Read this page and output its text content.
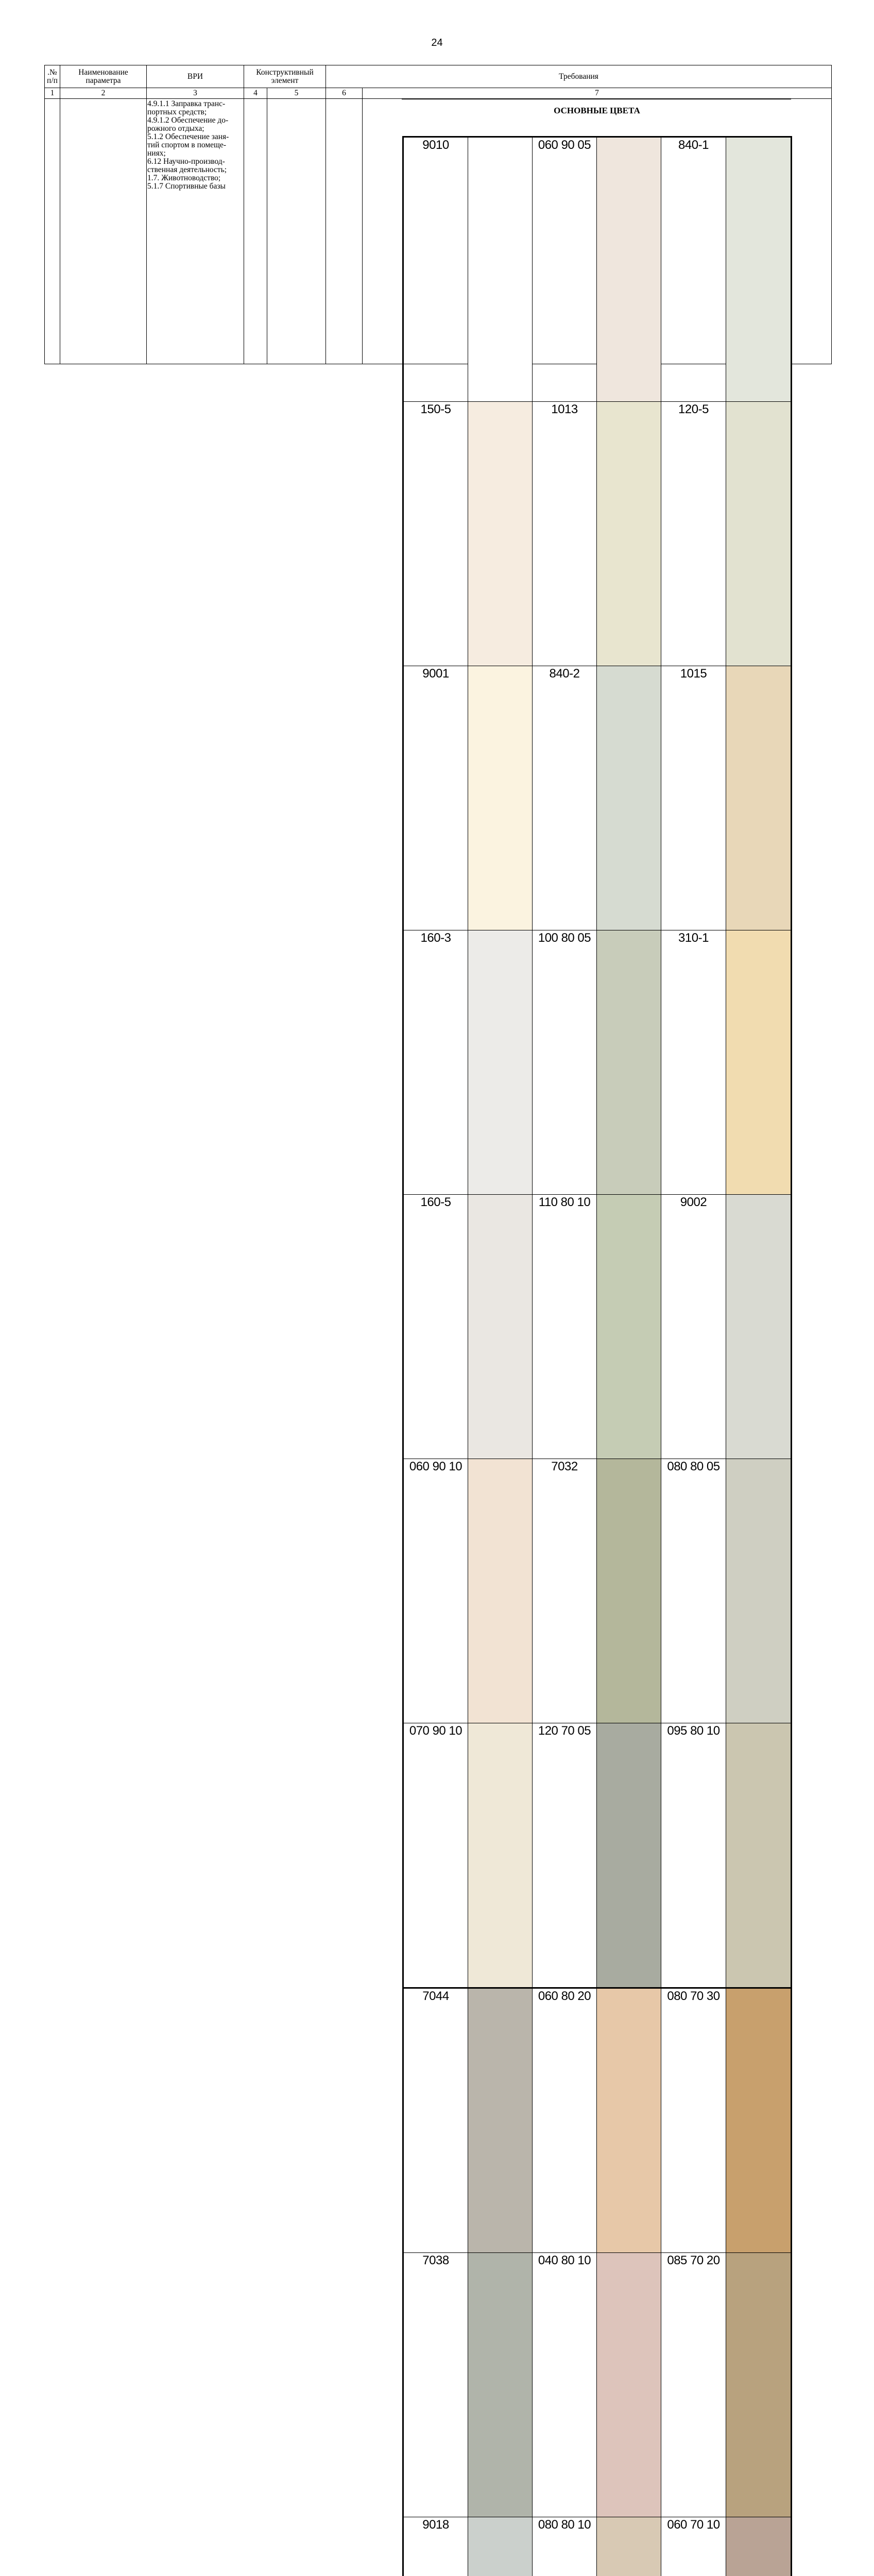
24
.№ п/п	Наименование параметра	ВРИ	Конструктивный элемент	Требования
1	2	3	4	5	6	7

4.9.1.1 Заправка транс-
портных средств;
4.9.1.2 Обеспечение до-
рожного отдыха;
5.1.2 Обеспечение заня-
тий спортом в помеще-
ниях;
6.12 Научно-производ-
ственная деятельность;
1.7. Животноводство;
5.1.7 Спортивные базы

ОСНОВНЫЕ ЦВЕТА
9010		060 90 05		840-1	
150-5		1013		120-5	
9001		840-2		1015	
160-3		100 80 05		310-1	
160-5		110 80 10		9002	
060 90 10		7032		080 80 05	
070 90 10		120 70 05		095 80 10	
7044		060 80 20		080 70 30	
7038		040 80 10		085 70 20	
9018		080 80 10		060 70 10	
